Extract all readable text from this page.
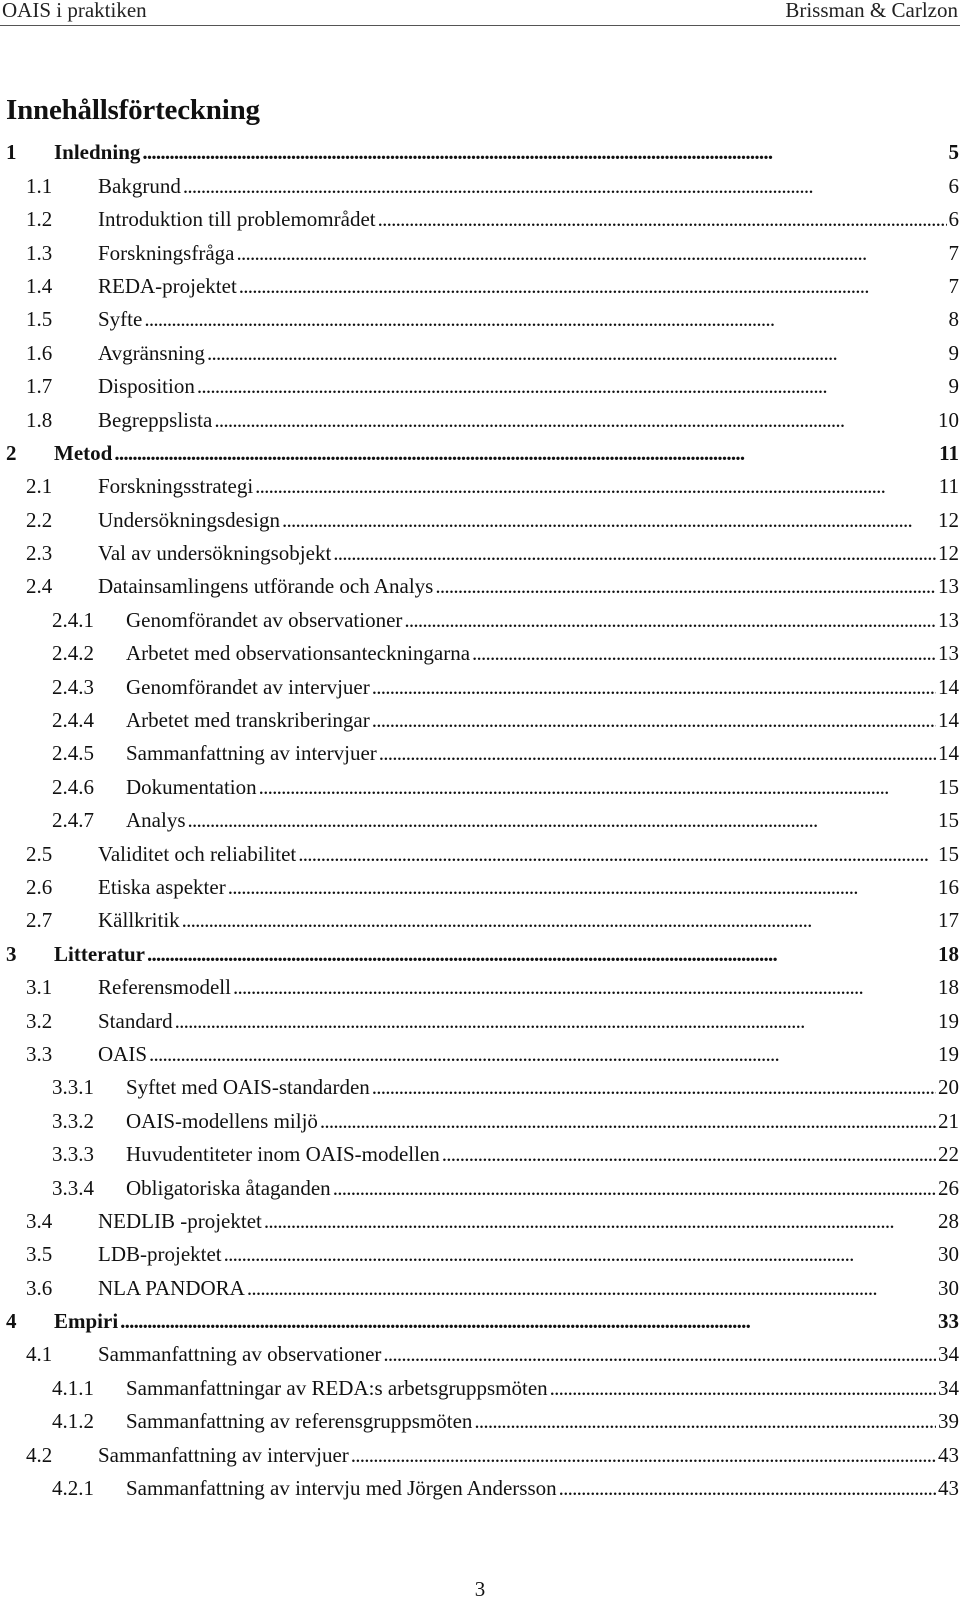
OAIS i praktiken	Brissman & Carlzon
Innehållsförteckning
1	Inledning . . .	5
1.1	Bakgrund . . .	6
1.2	Introduktion till problemområdet . . .	6
1.3	Forskningsfråga . . .	7
1.4	REDA-projektet . . .	7
1.5	Syfte . . .	8
1.6	Avgränsning . . .	9
1.7	Disposition . . .	9
1.8	Begreppslista . . .	10
2	Metod . . .	11
2.1	Forskningsstrategi . . .	11
2.2	Undersökningsdesign . . .	12
2.3	Val av undersökningsobjekt . . .	12
2.4	Datainsamlingens utförande och Analys . . .	13
2.4.1	Genomförandet av observationer . . .	13
2.4.2	Arbetet med observationsanteckningarna . . .	13
2.4.3	Genomförandet av intervjuer . . .	14
2.4.4	Arbetet med transkriberingar . . .	14
2.4.5	Sammanfattning av intervjuer . . .	14
2.4.6	Dokumentation . . .	15
2.4.7	Analys . . .	15
2.5	Validitet och reliabilitet . . .	15
2.6	Etiska aspekter . . .	16
2.7	Källkritik . . .	17
3	Litteratur . . .	18
3.1	Referensmodell . . .	18
3.2	Standard . . .	19
3.3	OAIS . . .	19
3.3.1	Syftet med OAIS-standarden . . .	20
3.3.2	OAIS-modellens miljö . . .	21
3.3.3	Huvudentiteter inom OAIS-modellen . . .	22
3.3.4	Obligatoriska åtaganden . . .	26
3.4	NEDLIB -projektet . . .	28
3.5	LDB-projektet . . .	30
3.6	NLA PANDORA . . .	30
4	Empiri . . .	33
4.1	Sammanfattning av observationer . . .	34
4.1.1	Sammanfattningar av REDA:s arbetsgruppsmöten . . .	34
4.1.2	Sammanfattning av referensgruppsmöten . . .	39
4.2	Sammanfattning av intervjuer . . .	43
4.2.1	Sammanfattning av intervju med Jörgen Andersson . . .	43
3
